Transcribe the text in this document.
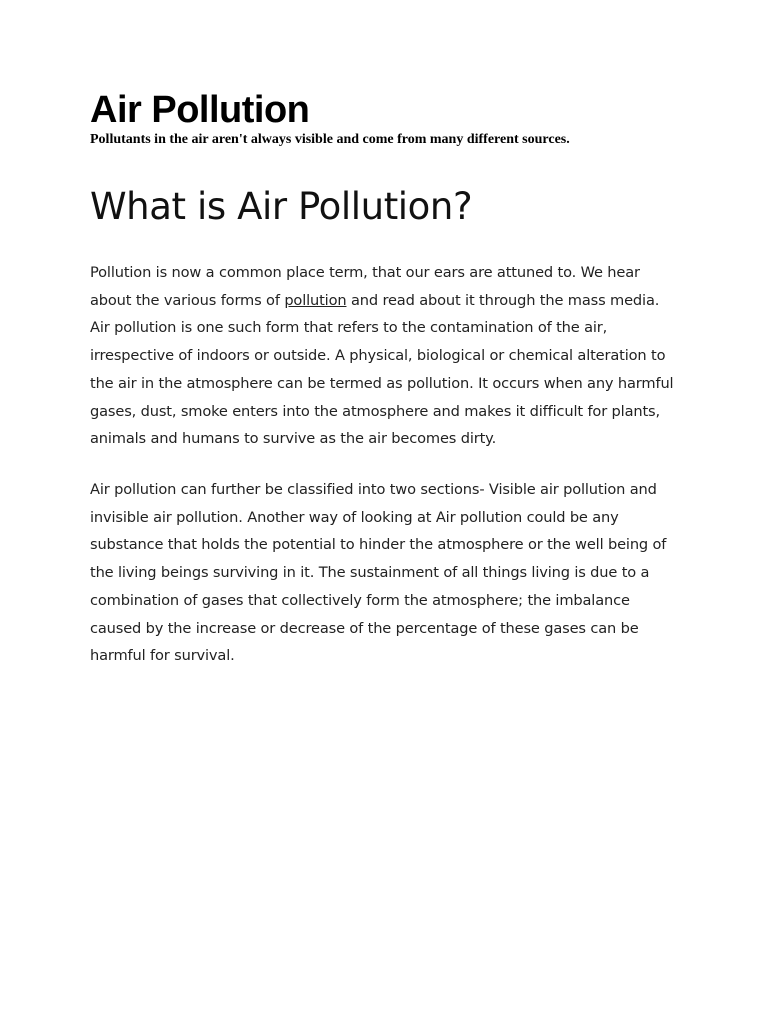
Air Pollution

Pollutants in the air aren't always visible and come from many different sources.

What is Air Pollution?

Pollution is now a common place term, that our ears are attuned to. We hear about the various forms of pollution and read about it through the mass media. Air pollution is one such form that refers to the contamination of the air, irrespective of indoors or outside. A physical, biological or chemical alteration to the air in the atmosphere can be termed as pollution. It occurs when any harmful gases, dust, smoke enters into the atmosphere and makes it difficult for plants, animals and humans to survive as the air becomes dirty.

Air pollution can further be classified into two sections- Visible air pollution and invisible air pollution. Another way of looking at Air pollution could be any substance that holds the potential to hinder the atmosphere or the well being of the living beings surviving in it. The sustainment of all things living is due to a combination of gases that collectively form the atmosphere; the imbalance caused by the increase or decrease of the percentage of these gases can be harmful for survival.
